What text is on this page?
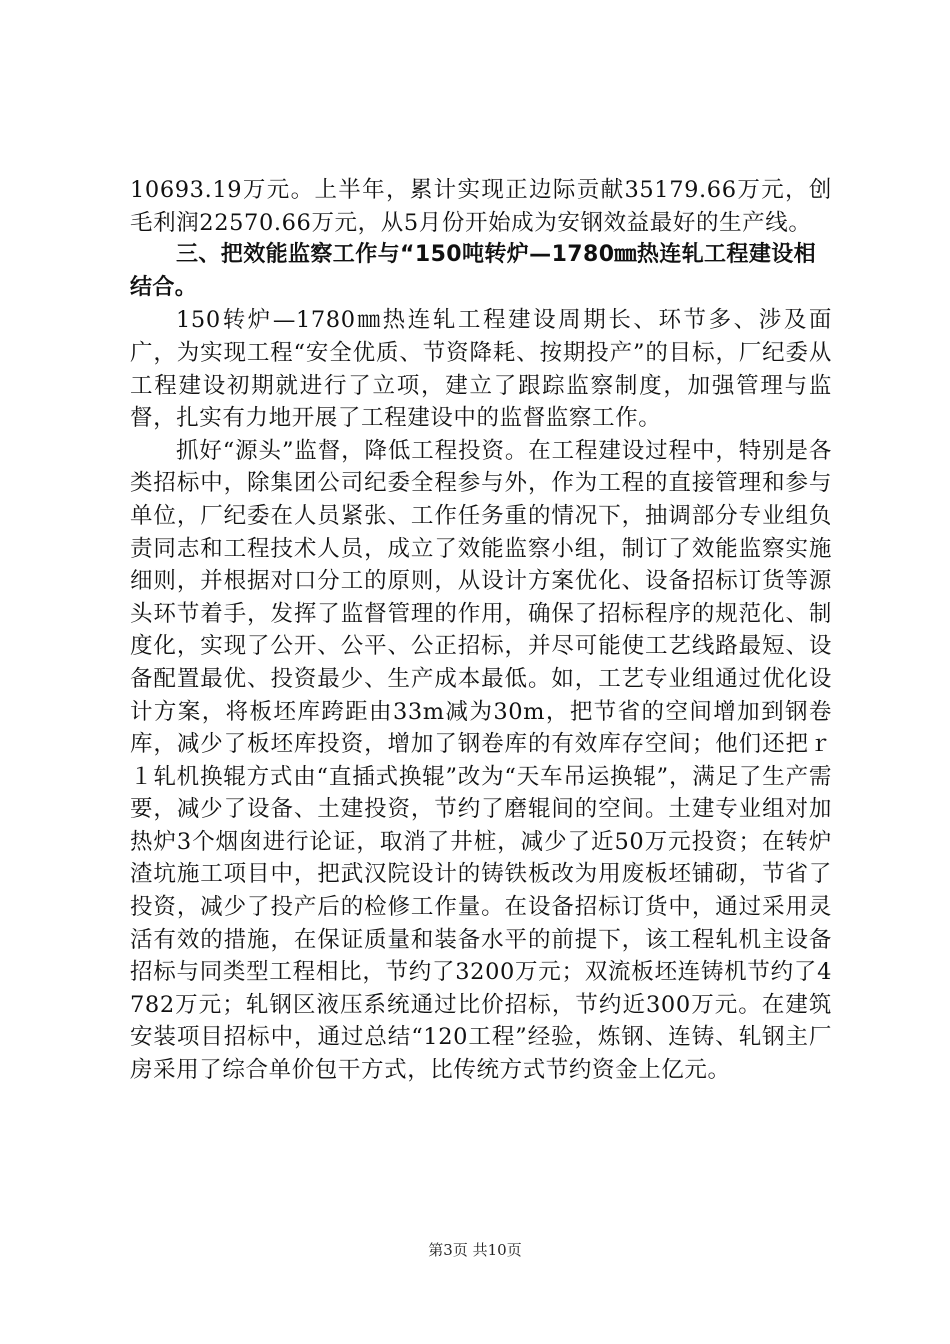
10693.19万元。上半年，累计实现正边际贡献35179.66万元，创毛利润22570.66万元，从5月份开始成为安钢效益最好的生产线。

三、把效能监察工作与“150吨转炉—1780㎜热连轧工程建设相结合。

150转炉—1780㎜热连轧工程建设周期长、环节多、涉及面广，为实现工程“安全优质、节资降耗、按期投产”的目标，厂纪委从工程建设初期就进行了立项，建立了跟踪监察制度，加强管理与监督，扎实有力地开展了工程建设中的监督监察工作。

抓好“源头”监督，降低工程投资。在工程建设过程中，特别是各类招标中，除集团公司纪委全程参与外，作为工程的直接管理和参与单位，厂纪委在人员紧张、工作任务重的情况下，抽调部分专业组负责同志和工程技术人员，成立了效能监察小组，制订了效能监察实施细则，并根据对口分工的原则，从设计方案优化、设备招标订货等源头环节着手，发挥了监督管理的作用，确保了招标程序的规范化、制度化，实现了公开、公平、公正招标，并尽可能使工艺线路最短、设备配置最优、投资最少、生产成本最低。如，工艺专业组通过优化设计方案，将板坯库跨距由33m减为30m，把节省的空间增加到钢卷库，减少了板坯库投资，增加了钢卷库的有效库存空间；他们还把ｒ１轧机换辊方式由“直插式换辊”改为“天车吊运换辊”，满足了生产需要，减少了设备、土建投资，节约了磨辊间的空间。土建专业组对加热炉3个烟囱进行论证，取消了井桩，减少了近50万元投资；在转炉渣坑施工项目中，把武汉院设计的铸铁板改为用废板坯铺砌，节省了投资，减少了投产后的检修工作量。在设备招标订货中，通过采用灵活有效的措施，在保证质量和装备水平的前提下，该工程轧机主设备招标与同类型工程相比，节约了3200万元；双流板坯连铸机节约了4782万元；轧钢区液压系统通过比价招标，节约近300万元。在建筑安装项目招标中，通过总结“120工程”经验，炼钢、连铸、轧钢主厂房采用了综合单价包干方式，比传统方式节约资金上亿元。

第3页 共10页
